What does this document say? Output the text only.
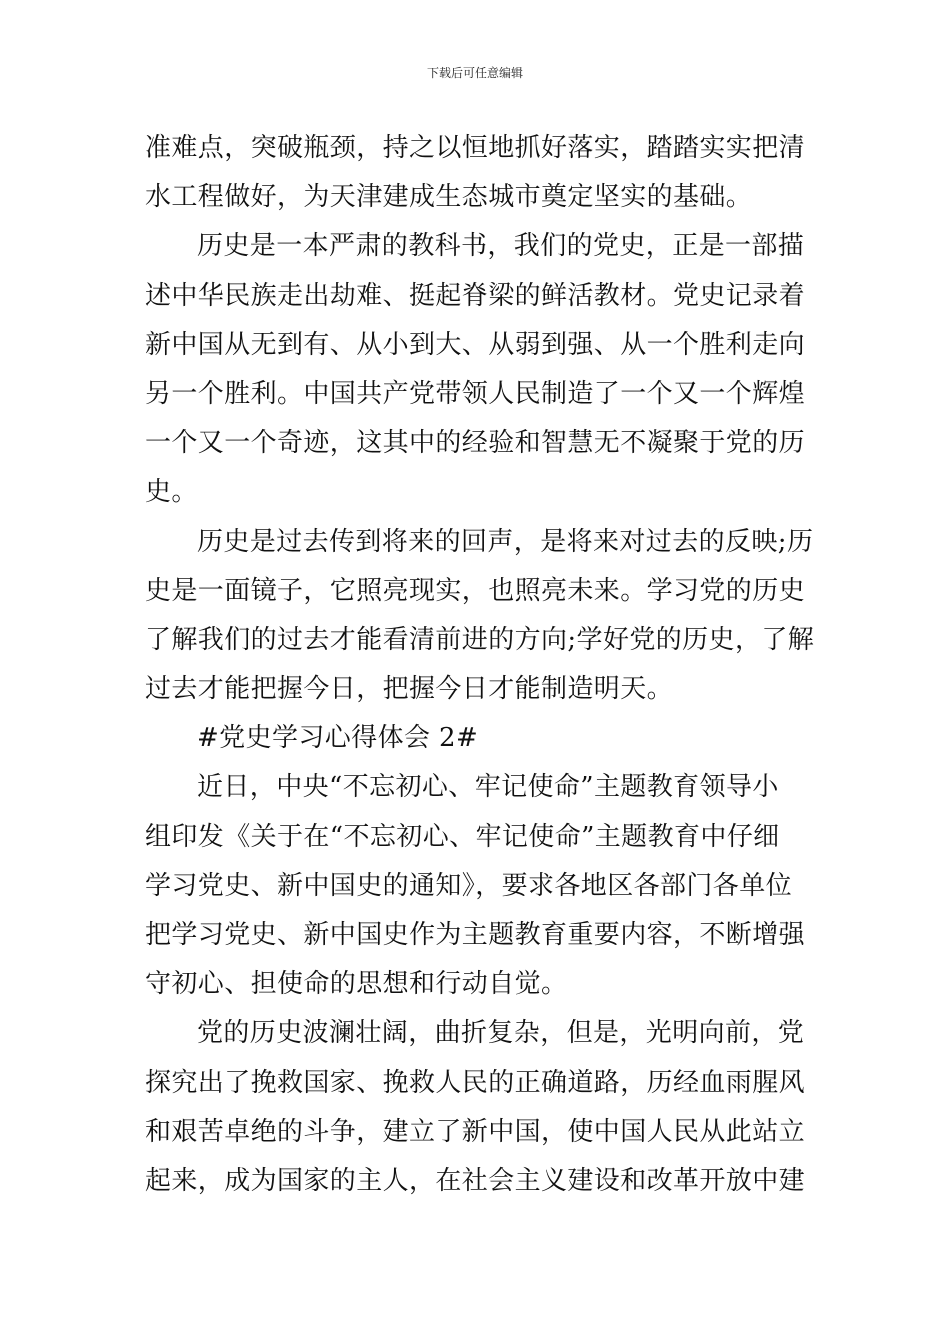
下载后可任意编辑

准难点，突破瓶颈，持之以恒地抓好落实，踏踏实实把清
水工程做好，为天津建成生态城市奠定坚实的基础。
历史是一本严肃的教科书，我们的党史，正是一部描
述中华民族走出劫难、挺起脊梁的鲜活教材。党史记录着
新中国从无到有、从小到大、从弱到强、从一个胜利走向
另一个胜利。中国共产党带领人民制造了一个又一个辉煌
一个又一个奇迹，这其中的经验和智慧无不凝聚于党的历
史。
历史是过去传到将来的回声，是将来对过去的反映;历
史是一面镜子，它照亮现实，也照亮未来。学习党的历史
了解我们的过去才能看清前进的方向;学好党的历史，了解
过去才能把握今日，把握今日才能制造明天。
#党史学习心得体会 2#
近日，中央“不忘初心、牢记使命”主题教育领导小
组印发《关于在“不忘初心、牢记使命”主题教育中仔细
学习党史、新中国史的通知》，要求各地区各部门各单位
把学习党史、新中国史作为主题教育重要内容，不断增强
守初心、担使命的思想和行动自觉。
党的历史波澜壮阔，曲折复杂，但是，光明向前，党
探究出了挽救国家、挽救人民的正确道路，历经血雨腥风
和艰苦卓绝的斗争，建立了新中国，使中国人民从此站立
起来，成为国家的主人，在社会主义建设和改革开放中建
